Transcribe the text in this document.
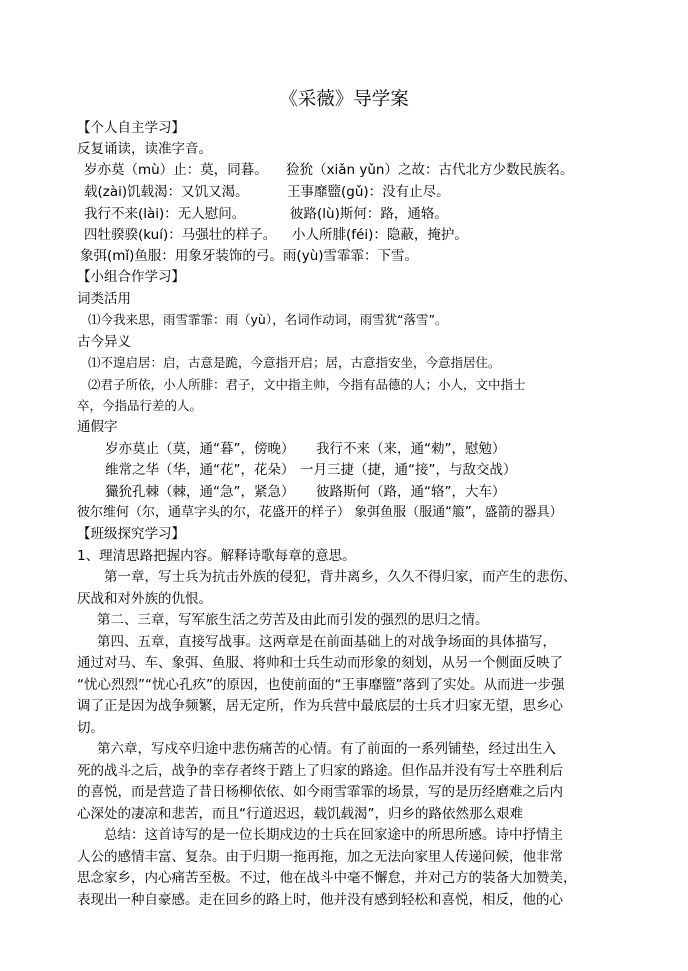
《采薇》导学案
【个人自主学习】
反复诵读，读准字音。
岁亦莫（mù）止：莫，同暮。 猃狁（xiǎn yǔn）之故：古代北方少数民族名。
载(zài)饥载渴：又饥又渴。	王事靡盬(gǔ)：没有止尽。
我行不来(lài)：无人慰问。	彼路(lù)斯何：路，通辂。
四牡骙骙(kuí)：马强壮的样子。 小人所腓(féi)：隐蔽，掩护。
象弭(mǐ)鱼服：用象牙装饰的弓。雨(yù)雪霏霏：下雪。
【小组合作学习】
词类活用
⑴今我来思，雨雪霏霏：雨（yù），名词作动词，雨雪犹“落雪”。
古今异义
⑴不遑启居：启，古意是跪，今意指开启；居，古意指安坐，今意指居住。
⑵君子所依，小人所腓：君子，文中指主帅，今指有品德的人；小人，文中指士
卒，今指品行差的人。
通假字
岁亦莫止（莫，通“暮”，傍晚） 我行不来（来，通“勑”，慰勉）
维常之华（华，通“花”，花朵） 一月三捷（捷，通“接”，与敌交战）
玁狁孔棘（棘，通“急”，紧急） 彼路斯何（路，通“辂”，大车）
彼尔维何（尔，通草字头的尔，花盛开的样子） 象弭鱼服（服通“箙”，盛箭的器具）
【班级探究学习】
1、理清思路把握内容。解释诗歌每章的意思。
第一章，写士兵为抗击外族的侵犯，背井离乡，久久不得归家，而产生的悲伤、
厌战和对外族的仇恨。
第二、三章，写军旅生活之劳苦及由此而引发的强烈的思归之情。
第四、五章，直接写战事。这两章是在前面基础上的对战争场面的具体描写，
通过对马、车、象弭、鱼服、将帅和士兵生动而形象的刻划，从另一个侧面反映了
“忧心烈烈”“忧心孔疚”的原因，也使前面的“王事靡盬”落到了实处。从而进一步强
调了正是因为战争频繁，居无定所，作为兵营中最底层的士兵才归家无望，思乡心
切。
第六章，写戍卒归途中悲伤痛苦的心情。有了前面的一系列铺垫，经过出生入
死的战斗之后，战争的幸存者终于踏上了归家的路途。但作品并没有写士卒胜利后
的喜悦，而是营造了昔日杨柳依依、如今雨雪霏霏的场景，写的是历经磨难之后内
心深处的凄凉和悲苦，而且“行道迟迟，载饥载渴”，归乡的路依然那么艰难
总结：这首诗写的是一位长期戍边的士兵在回家途中的所思所感。诗中抒情主
人公的感情丰富、复杂。由于归期一拖再拖，加之无法向家里人传递问候，他非常
思念家乡，内心痛苦至极。不过，他在战斗中毫不懈怠，并对己方的装备大加赞美，
表现出一种自豪感。走在回乡的路上时，他并没有感到轻松和喜悦，相反，他的心
